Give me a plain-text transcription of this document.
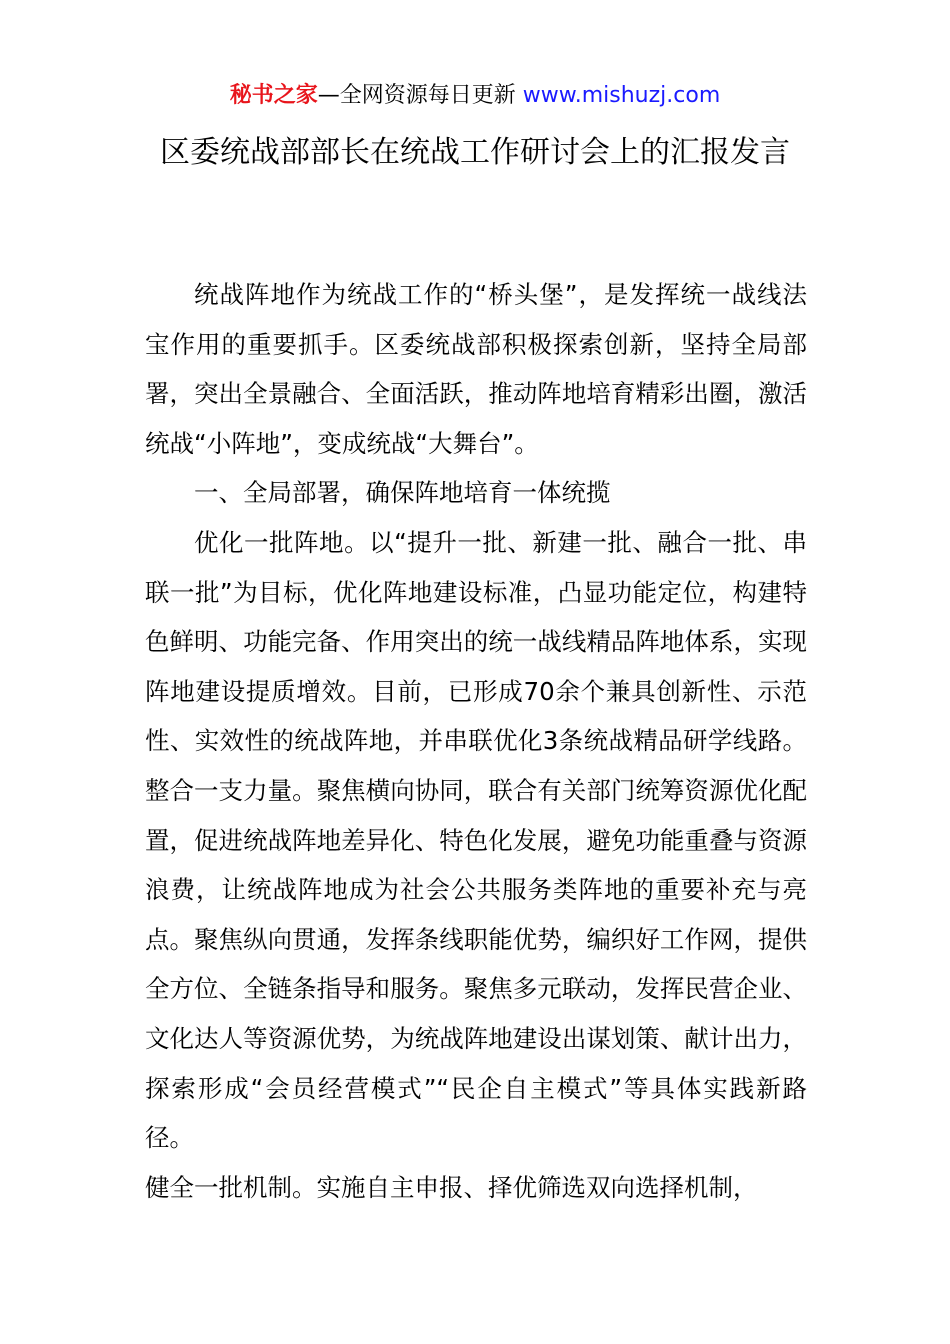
秘书之家—全网资源每日更新 www.mishuzj.com
区委统战部部长在统战工作研讨会上的汇报发言

统战阵地作为统战工作的“桥头堡”，是发挥统一战线法宝作用的重要抓手。区委统战部积极探索创新，坚持全局部署，突出全景融合、全面活跃，推动阵地培育精彩出圈，激活统战“小阵地”，变成统战“大舞台”。

一、全局部署，确保阵地培育一体统揽

优化一批阵地。以“提升一批、新建一批、融合一批、串联一批”为目标，优化阵地建设标准，凸显功能定位，构建特色鲜明、功能完备、作用突出的统一战线精品阵地体系，实现阵地建设提质增效。目前，已形成70余个兼具创新性、示范性、实效性的统战阵地，并串联优化3条统战精品研学线路。整合一支力量。聚焦横向协同，联合有关部门统筹资源优化配置，促进统战阵地差异化、特色化发展，避免功能重叠与资源浪费，让统战阵地成为社会公共服务类阵地的重要补充与亮点。聚焦纵向贯通，发挥条线职能优势，编织好工作网，提供全方位、全链条指导和服务。聚焦多元联动，发挥民营企业、文化达人等资源优势，为统战阵地建设出谋划策、献计出力，探索形成“会员经营模式”“民企自主模式”等具体实践新路径。

健全一批机制。实施自主申报、择优筛选双向选择机制，
